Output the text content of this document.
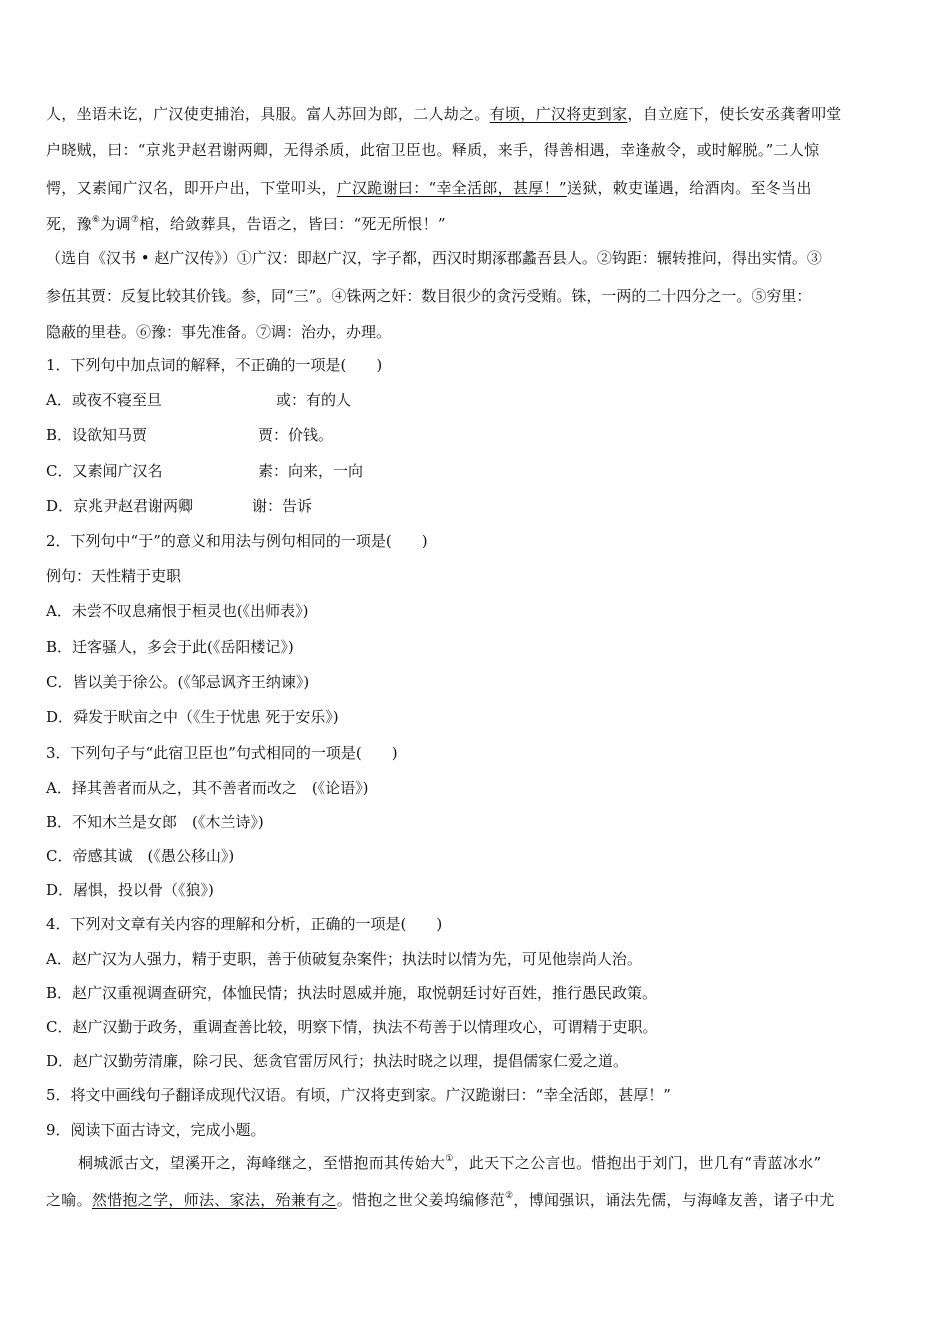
人，坐语未讫，广汉使吏捕治，具服。富人苏回为郎，二人劫之。有顷，广汉将吏到家，自立庭下，使长安丞龚奢叩堂
户晓贼，曰：“京兆尹赵君谢两卿，无得杀质，此宿卫臣也。释质，来手，得善相遇，幸逢赦令，或时解脱。”二人惊
愕，又素闻广汉名，即开户出，下堂叩头，广汉跪谢曰：“幸全活郎，甚厚！”送狱，敕吏谨遇，给酒肉。至冬当出
死，豫⑥为调⑦棺，给敛葬具，告语之，皆曰：“死无所恨！”
（选自《汉书 • 赵广汉传》）①广汉：即赵广汉，字子都，西汉时期涿郡蠡吾县人。②钩距：辗转推问，得出实情。③
参伍其贾：反复比较其价钱。参，同“三”。④铢两之奸：数目很少的贪污受贿。铢，一两的二十四分之一。⑤穷里：
隐蔽的里巷。⑥豫：事先准备。⑦调：治办，办理。
1．下列句中加点词的解释，不正确的一项是(　　)
A．或夜不寝至旦	或：有的人
B．设欲知马贾	贾：价钱。
C．又素闻广汉名	素：向来，一向
D．京兆尹赵君谢两卿	谢：告诉
2．下列句中“于”的意义和用法与例句相同的一项是(　　)
例句：天性精于吏职
A．未尝不叹息痛恨于桓灵也(《出师表》)
B．迁客骚人，多会于此(《岳阳楼记》)
C．皆以美于徐公。(《邹忌讽齐王纳谏》)
D．舜发于畎亩之中（《生于忧患 死于安乐》)
3．下列句子与“此宿卫臣也”句式相同的一项是(　　)
A．择其善者而从之，其不善者而改之　(《论语》)
B．不知木兰是女郎　(《木兰诗》)
C．帝感其诚　(《愚公移山》)
D．屠惧，投以骨（《狼》)
4．下列对文章有关内容的理解和分析，正确的一项是(　　)
A．赵广汉为人强力，精于吏职，善于侦破复杂案件；执法时以情为先，可见他崇尚人治。
B．赵广汉重视调查研究，体恤民情；执法时恩威并施，取悦朝廷讨好百姓，推行愚民政策。
C．赵广汉勤于政务，重调查善比较，明察下情，执法不苟善于以情理攻心，可谓精于吏职。
D．赵广汉勤劳清廉，除刁民、惩贪官雷厉风行；执法时晓之以理，提倡儒家仁爱之道。
5．将文中画线句子翻译成现代汉语。有顷，广汉将吏到家。广汉跪谢曰：“幸全活郎，甚厚！”
9．阅读下面古诗文，完成小题。
桐城派古文，望溪开之，海峰继之，至惜抱而其传始大①，此天下之公言也。惜抱出于刘门，世几有“青蓝冰水”
之喻。然惜抱之学，师法、家法，殆兼有之。惜抱之世父姜坞编修范②，博闻强识，诵法先儒，与海峰友善，诸子中尤
